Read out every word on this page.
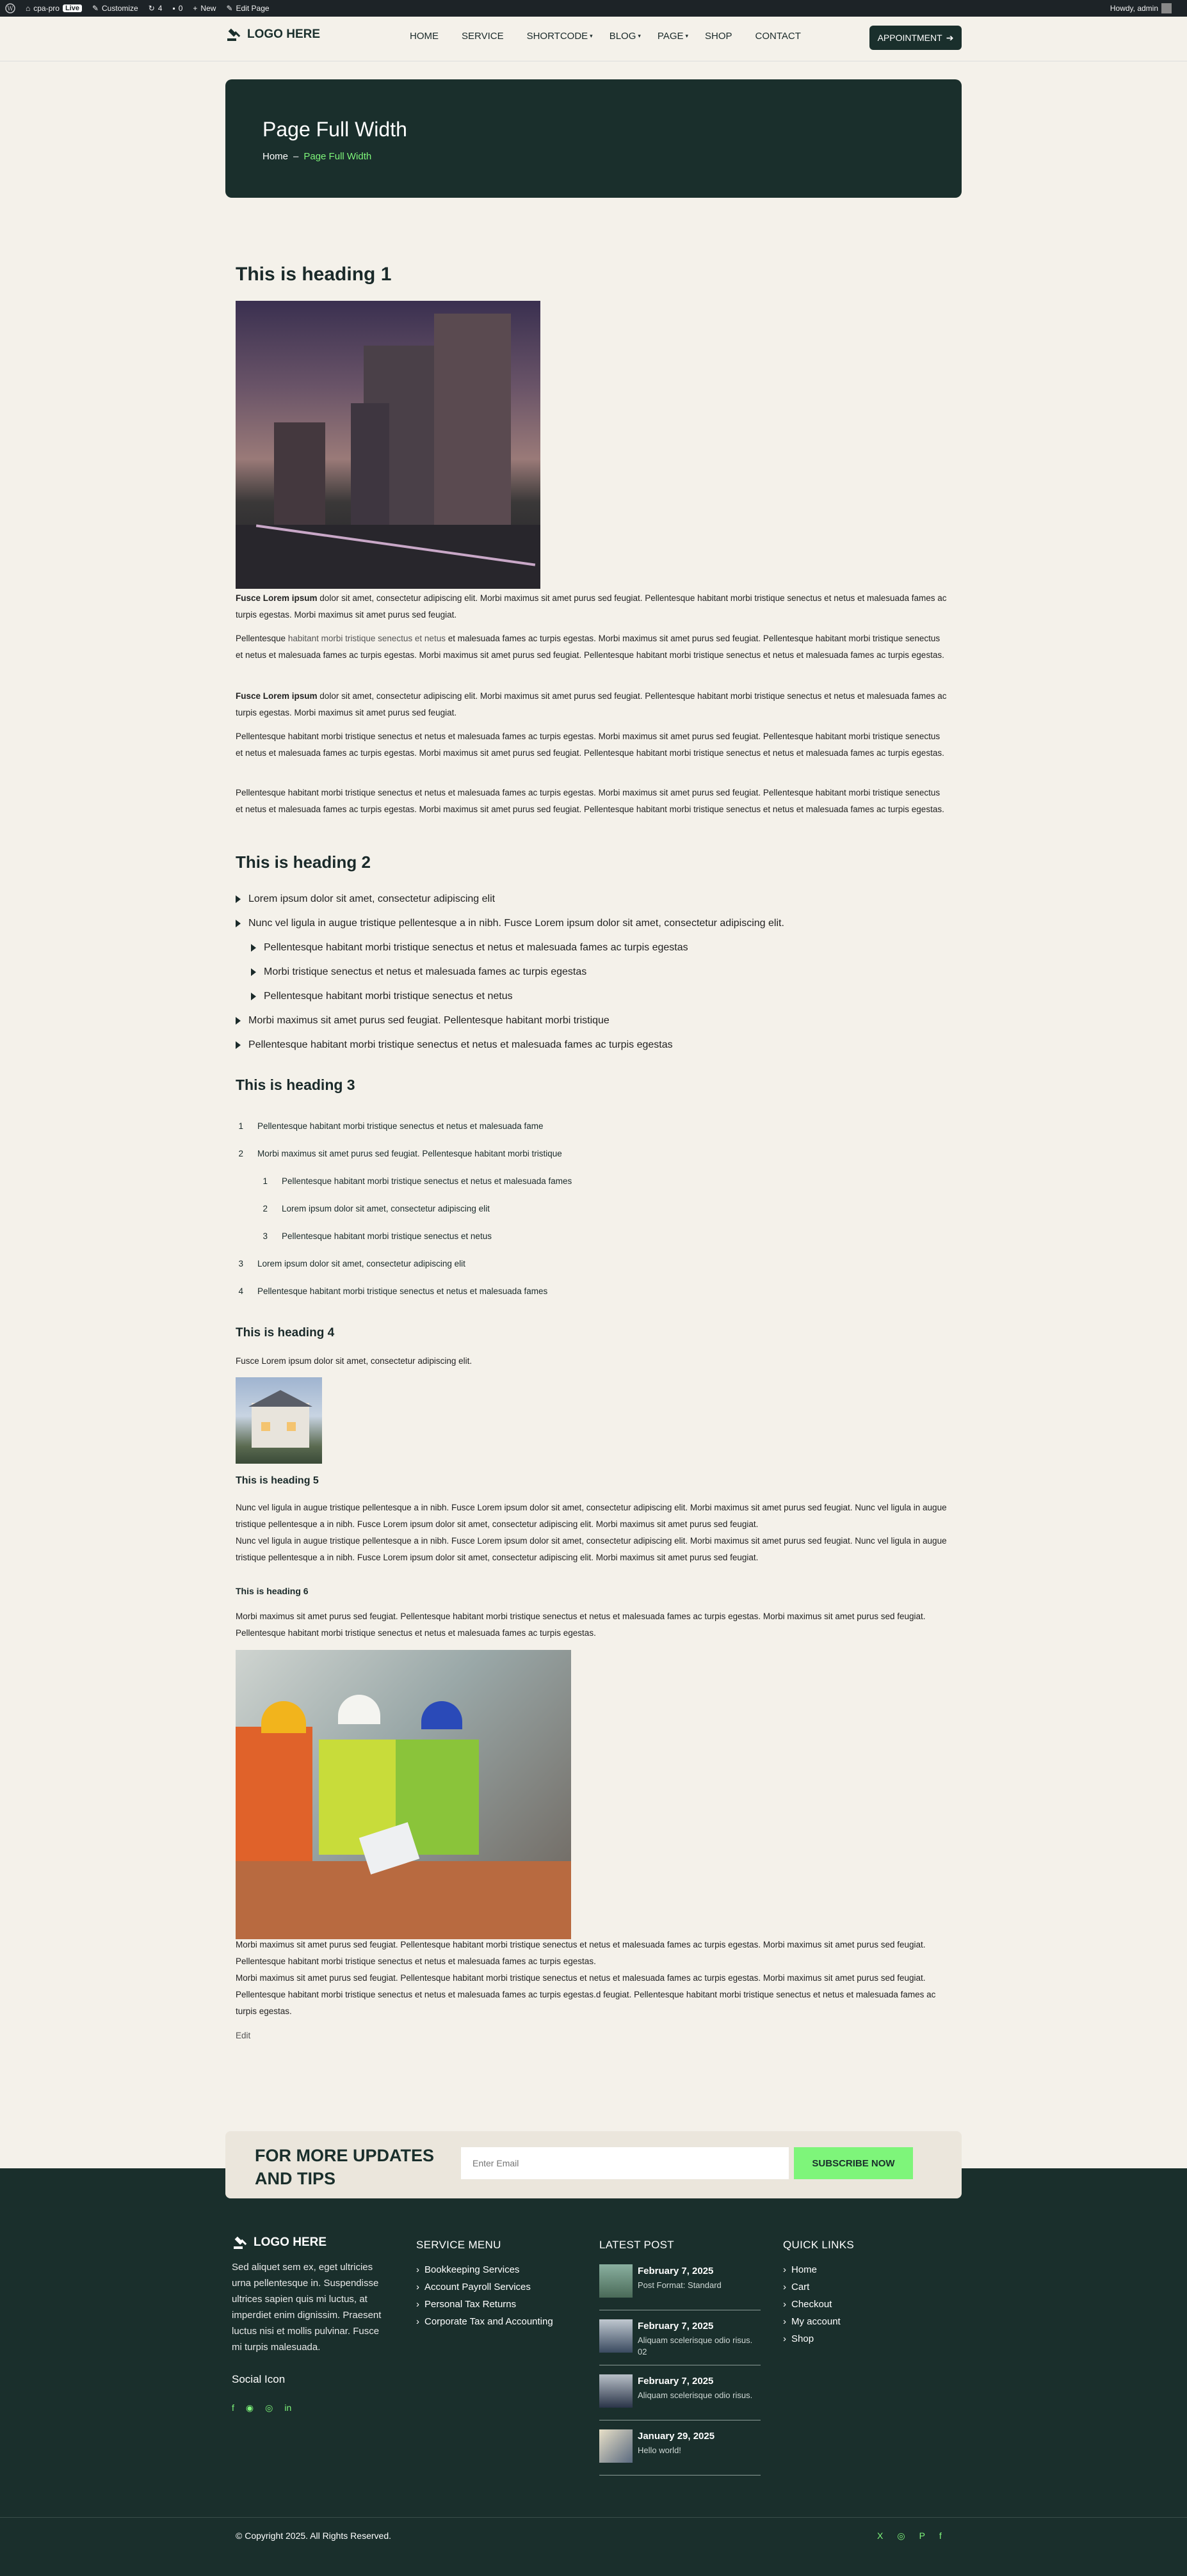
W ⌂ cpa-pro Live	✎ Customize ↻ 4 ▪ 0 + New ✎ Edit Page	Howdy, admin
LOGO HERE	HOME SERVICE SHORTCODE ▾ BLOG ▾ PAGE ▾ SHOP CONTACT	APPOINTMENT ➔
Page Full Width
Home – Page Full Width
This is heading 1
Fusce Lorem ipsum dolor sit amet, consectetur adipiscing elit. Morbi maximus sit amet purus sed feugiat. Pellentesque habitant morbi tristique senectus et netus et malesuada fames ac turpis egestas. Morbi maximus sit amet purus sed feugiat.
Pellentesque habitant morbi tristique senectus et netus et malesuada fames ac turpis egestas. Morbi maximus sit amet purus sed feugiat. Pellentesque habitant morbi tristique senectus et netus et malesuada fames ac turpis egestas. Morbi maximus sit amet purus sed feugiat. Pellentesque habitant morbi tristique senectus et netus et malesuada fames ac turpis egestas.
Fusce Lorem ipsum dolor sit amet, consectetur adipiscing elit. Morbi maximus sit amet purus sed feugiat. Pellentesque habitant morbi tristique senectus et netus et malesuada fames ac turpis egestas. Morbi maximus sit amet purus sed feugiat.
Pellentesque habitant morbi tristique senectus et netus et malesuada fames ac turpis egestas. Morbi maximus sit amet purus sed feugiat. Pellentesque habitant morbi tristique senectus et netus et malesuada fames ac turpis egestas. Morbi maximus sit amet purus sed feugiat. Pellentesque habitant morbi tristique senectus et netus et malesuada fames ac turpis egestas.
Pellentesque habitant morbi tristique senectus et netus et malesuada fames ac turpis egestas. Morbi maximus sit amet purus sed feugiat. Pellentesque habitant morbi tristique senectus et netus et malesuada fames ac turpis egestas. Morbi maximus sit amet purus sed feugiat. Pellentesque habitant morbi tristique senectus et netus et malesuada fames ac turpis egestas.
This is heading 2
Lorem ipsum dolor sit amet, consectetur adipiscing elit
Nunc vel ligula in augue tristique pellentesque a in nibh. Fusce Lorem ipsum dolor sit amet, consectetur adipiscing elit.
Pellentesque habitant morbi tristique senectus et netus et malesuada fames ac turpis egestas
Morbi tristique senectus et netus et malesuada fames ac turpis egestas
Pellentesque habitant morbi tristique senectus et netus
Morbi maximus sit amet purus sed feugiat. Pellentesque habitant morbi tristique
Pellentesque habitant morbi tristique senectus et netus et malesuada fames ac turpis egestas
This is heading 3
1 Pellentesque habitant morbi tristique senectus et netus et malesuada fame
2 Morbi maximus sit amet purus sed feugiat. Pellentesque habitant morbi tristique
1 Pellentesque habitant morbi tristique senectus et netus et malesuada fames
2 Lorem ipsum dolor sit amet, consectetur adipiscing elit
3 Pellentesque habitant morbi tristique senectus et netus
3 Lorem ipsum dolor sit amet, consectetur adipiscing elit
4 Pellentesque habitant morbi tristique senectus et netus et malesuada fames
This is heading 4
Fusce Lorem ipsum dolor sit amet, consectetur adipiscing elit.
This is heading 5
Nunc vel ligula in augue tristique pellentesque a in nibh. Fusce Lorem ipsum dolor sit amet, consectetur adipiscing elit. Morbi maximus sit amet purus sed feugiat. Nunc vel ligula in augue tristique pellentesque a in nibh. Fusce Lorem ipsum dolor sit amet, consectetur adipiscing elit. Morbi maximus sit amet purus sed feugiat.
Nunc vel ligula in augue tristique pellentesque a in nibh. Fusce Lorem ipsum dolor sit amet, consectetur adipiscing elit. Morbi maximus sit amet purus sed feugiat. Nunc vel ligula in augue tristique pellentesque a in nibh. Fusce Lorem ipsum dolor sit amet, consectetur adipiscing elit. Morbi maximus sit amet purus sed feugiat.
This is heading 6
Morbi maximus sit amet purus sed feugiat. Pellentesque habitant morbi tristique senectus et netus et malesuada fames ac turpis egestas. Morbi maximus sit amet purus sed feugiat. Pellentesque habitant morbi tristique senectus et netus et malesuada fames ac turpis egestas.
Morbi maximus sit amet purus sed feugiat. Pellentesque habitant morbi tristique senectus et netus et malesuada fames ac turpis egestas. Morbi maximus sit amet purus sed feugiat. Pellentesque habitant morbi tristique senectus et netus et malesuada fames ac turpis egestas.
Morbi maximus sit amet purus sed feugiat. Pellentesque habitant morbi tristique senectus et netus et malesuada fames ac turpis egestas. Morbi maximus sit amet purus sed feugiat. Pellentesque habitant morbi tristique senectus et netus et malesuada fames ac turpis egestas.d feugiat. Pellentesque habitant morbi tristique senectus et netus et malesuada fames ac turpis egestas.
Edit
LOGO HERE
Sed aliquet sem ex, eget ultricies urna pellentesque in. Suspendisse ultrices sapien quis mi luctus, at imperdiet enim dignissim. Praesent luctus nisi et mollis pulvinar. Fusce mi turpis malesuada.
Social Icon
f ◉ ◎ in
SERVICE MENU
› Bookkeeping Services
› Account Payroll Services
› Personal Tax Returns
› Corporate Tax and Accounting
LATEST POST
February 7, 2025
Post Format: Standard
February 7, 2025
Aliquam scelerisque odio risus. 02
February 7, 2025
Aliquam scelerisque odio risus.
January 29, 2025
Hello world!
QUICK LINKS
› Home
› Cart
› Checkout
› My account
› Shop
© Copyright 2025. All Rights Reserved.	X ◎ P f
FOR MORE UPDATES AND TIPS
Enter Email
SUBSCRIBE NOW
